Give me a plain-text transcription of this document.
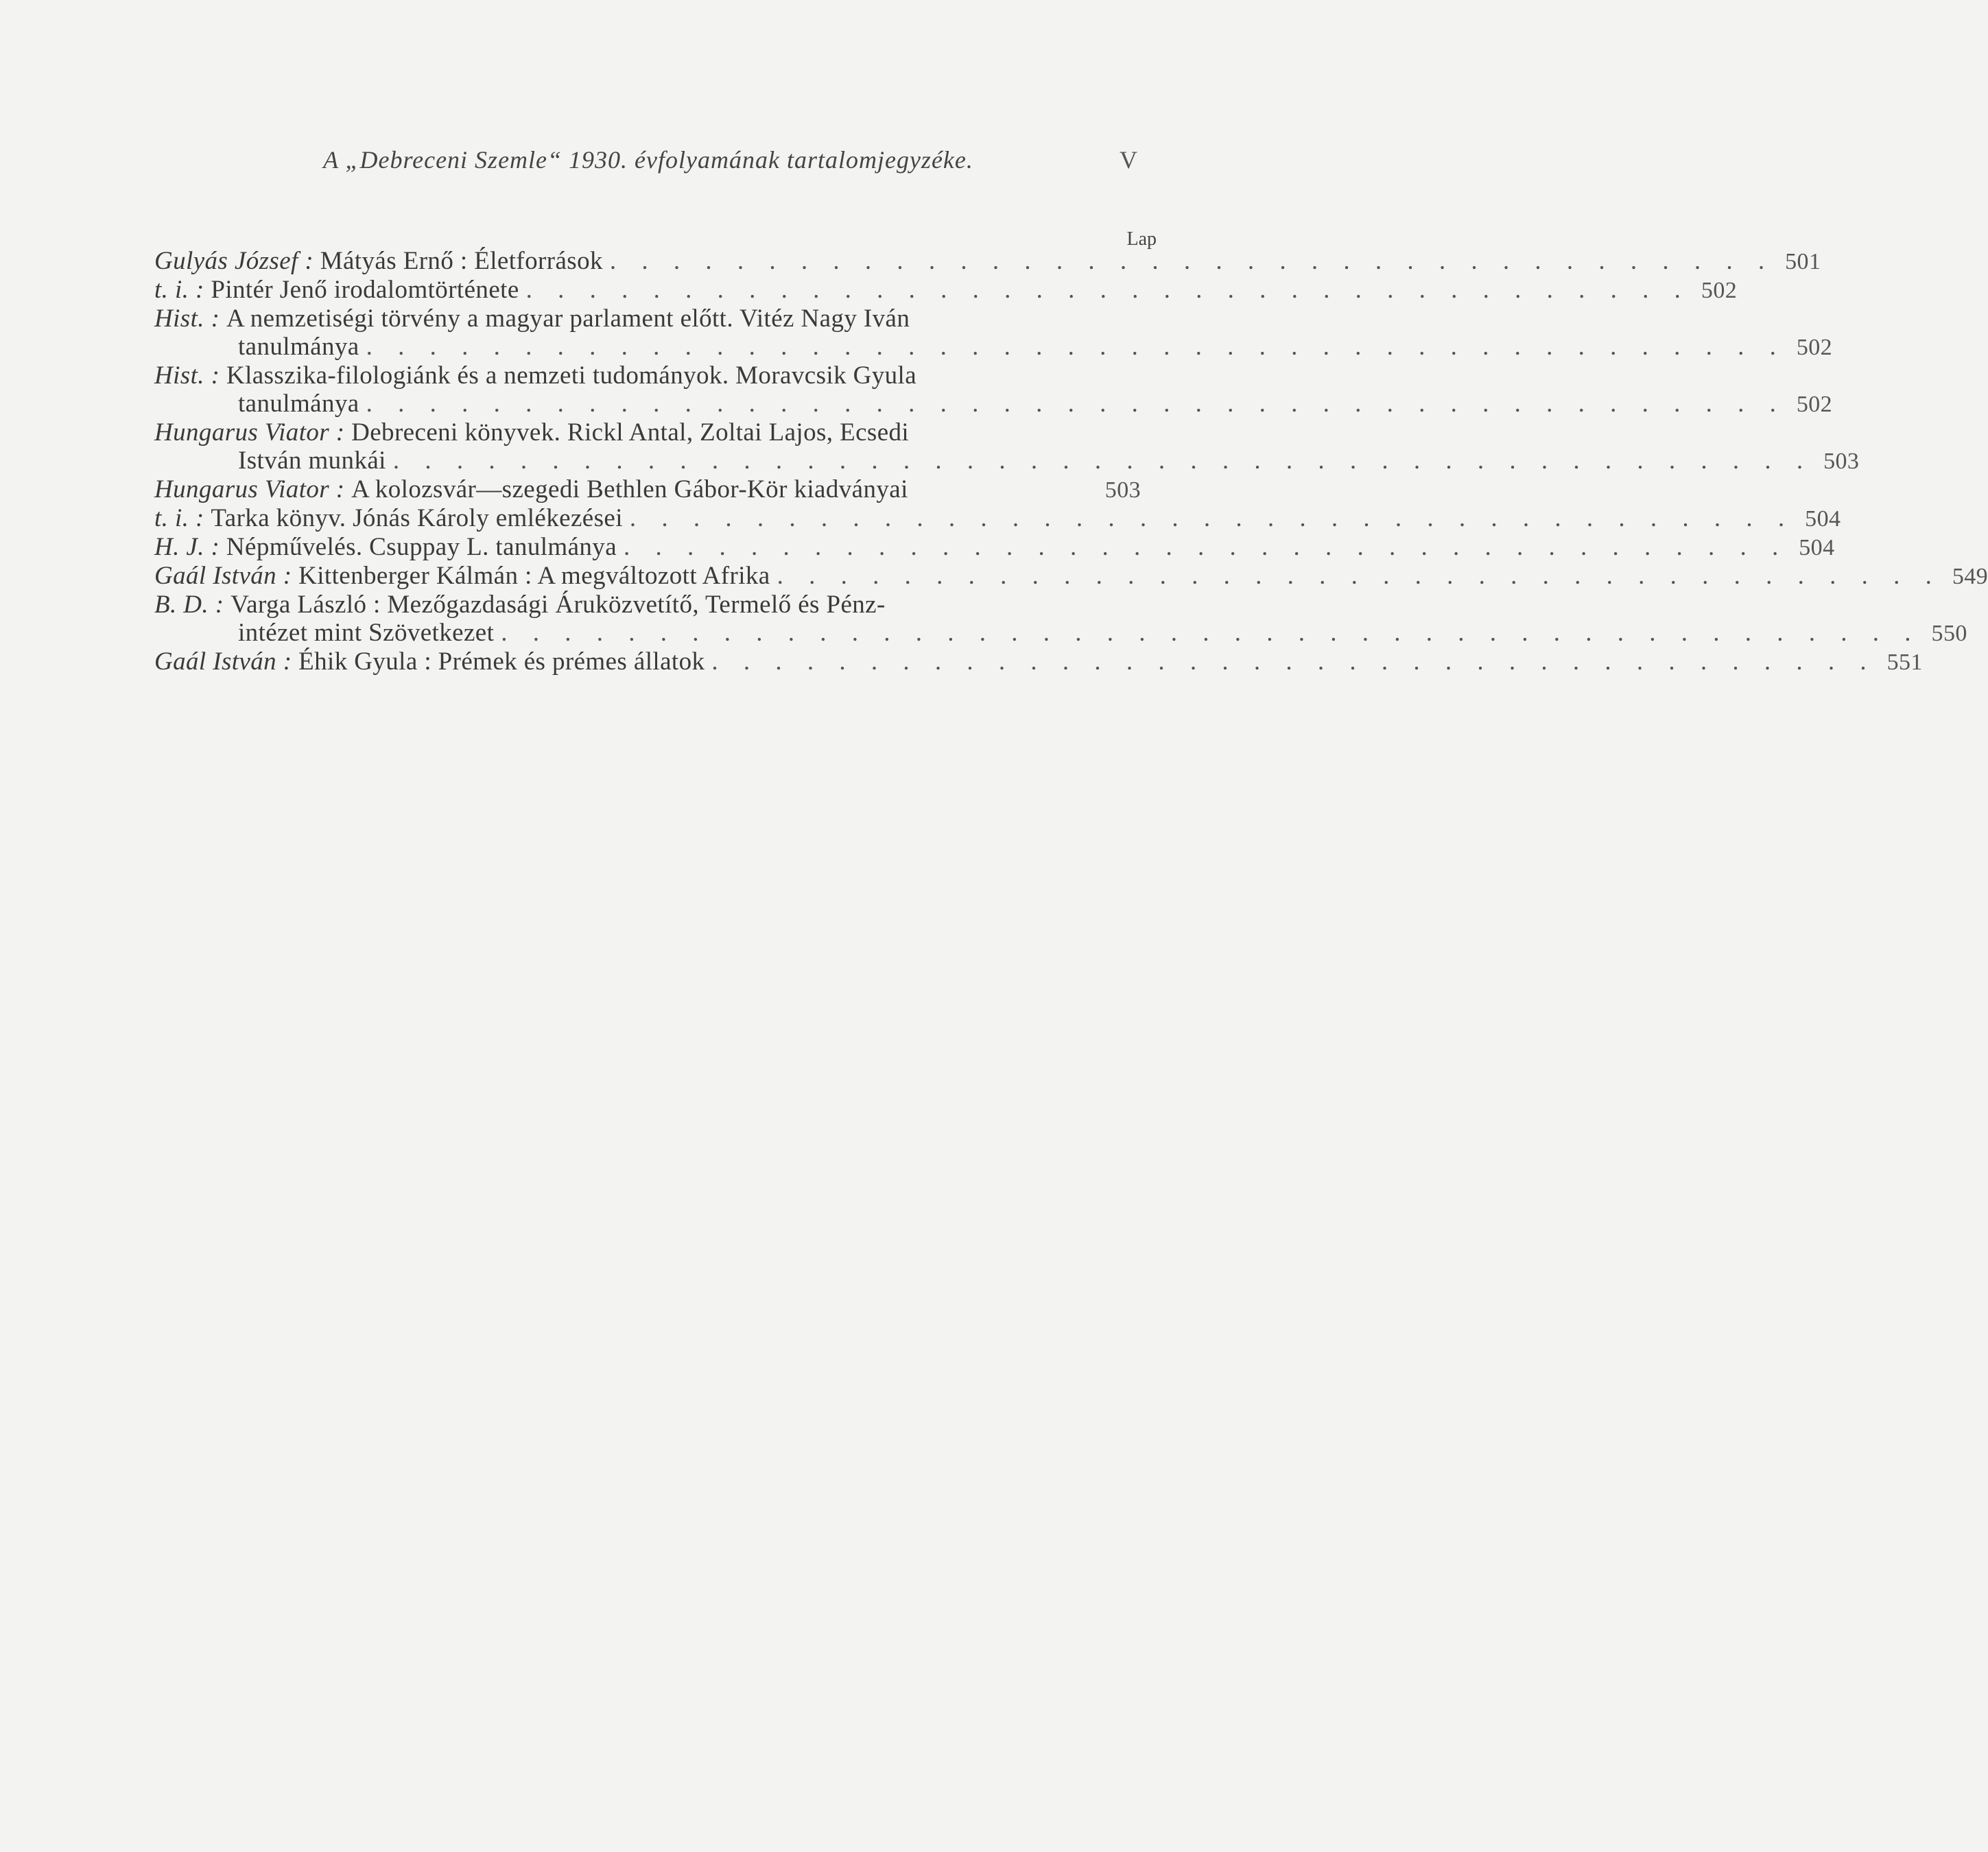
A „Debreceni Szemle“ 1930. évfolyamának tartalomjegyzéke.	V
Lap
Gulyás József :
Mátyás Ernő : Életforrások . . . . . . . . . . . . . . . . . . . . . . . . . . . . . . . . . . . . . 501
t. i. :
Pintér Jenő irodalomtörténete . . . . . . . . . . . . . . . . . . . . . . . . . . . . . . . . . . . . . 502
Hist. :
A nemzetiségi törvény a magyar parlament előtt. Vitéz Nagy Iván
tanulmánya . . . . . . . . . . . . . . . . . . . . . . . . . . . . . . . . . . . . . . . . . . . . . 502
Hist. :
Klasszika-filologiánk és a nemzeti tudományok. Moravcsik Gyula
tanulmánya . . . . . . . . . . . . . . . . . . . . . . . . . . . . . . . . . . . . . . . . . . . . . 502
Hungarus Viator :
Debreceni könyvek. Rickl Antal, Zoltai Lajos, Ecsedi
István munkái . . . . . . . . . . . . . . . . . . . . . . . . . . . . . . . . . . . . . . . . . . . . . 503
Hungarus Viator :
A kolozsvár—szegedi Bethlen Gábor-Kör kiadványai	503
t. i. :
Tarka könyv. Jónás Károly emlékezései . . . . . . . . . . . . . . . . . . . . . . . . . . . . . . . . . . . . . 504
H. J. :
Népművelés. Csuppay L. tanulmánya . . . . . . . . . . . . . . . . . . . . . . . . . . . . . . . . . . . . . 504
Gaál István :
Kittenberger Kálmán : A megváltozott Afrika . . . . . . . . . . . . . . . . . . . . . . . . . . . . . . . . . . . . . 549
B. D. :
Varga László : Mezőgazdasági Áruközvetítő, Termelő és Pénz-
intézet mint Szövetkezet . . . . . . . . . . . . . . . . . . . . . . . . . . . . . . . . . . . . . . . . . . . . . 550
Gaál István :
Éhik Gyula : Prémek és prémes állatok . . . . . . . . . . . . . . . . . . . . . . . . . . . . . . . . . . . . . 551
